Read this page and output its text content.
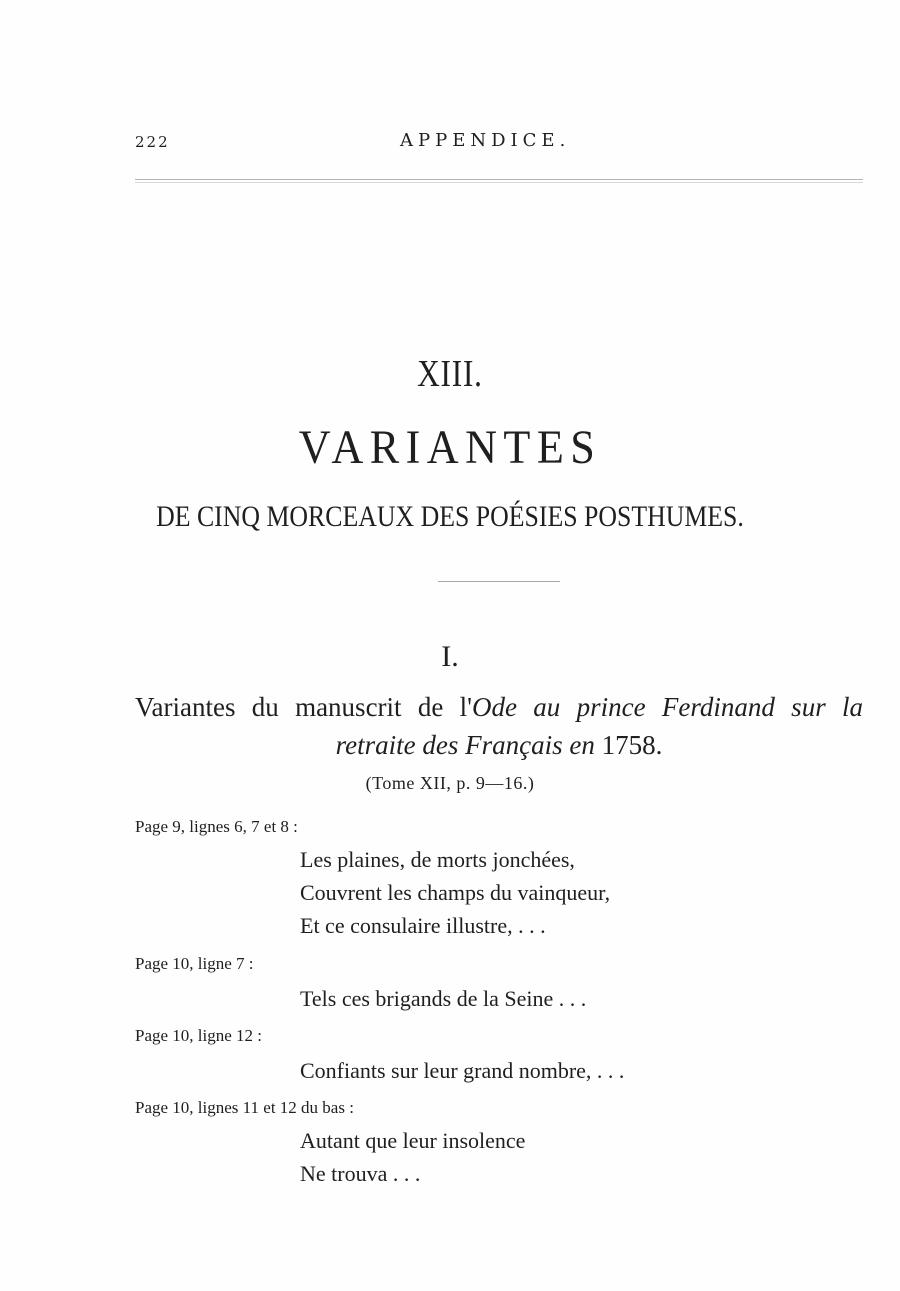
222	APPENDICE.
XIII.
VARIANTES
DE CINQ MORCEAUX DES POÉSIES POSTHUMES.
I.
Variantes du manuscrit de l'Ode au prince Ferdinand sur la retraite des Français en 1758.
(Tome XII, p. 9—16.)
Page 9, lignes 6, 7 et 8 :
Les plaines, de morts jonchées,
Couvrent les champs du vainqueur,
Et ce consulaire illustre, . . .
Page 10, ligne 7 :
Tels ces brigands de la Seine . . .
Page 10, ligne 12 :
Confiants sur leur grand nombre, . . .
Page 10, lignes 11 et 12 du bas :
Autant que leur insolence
Ne trouva . . .
